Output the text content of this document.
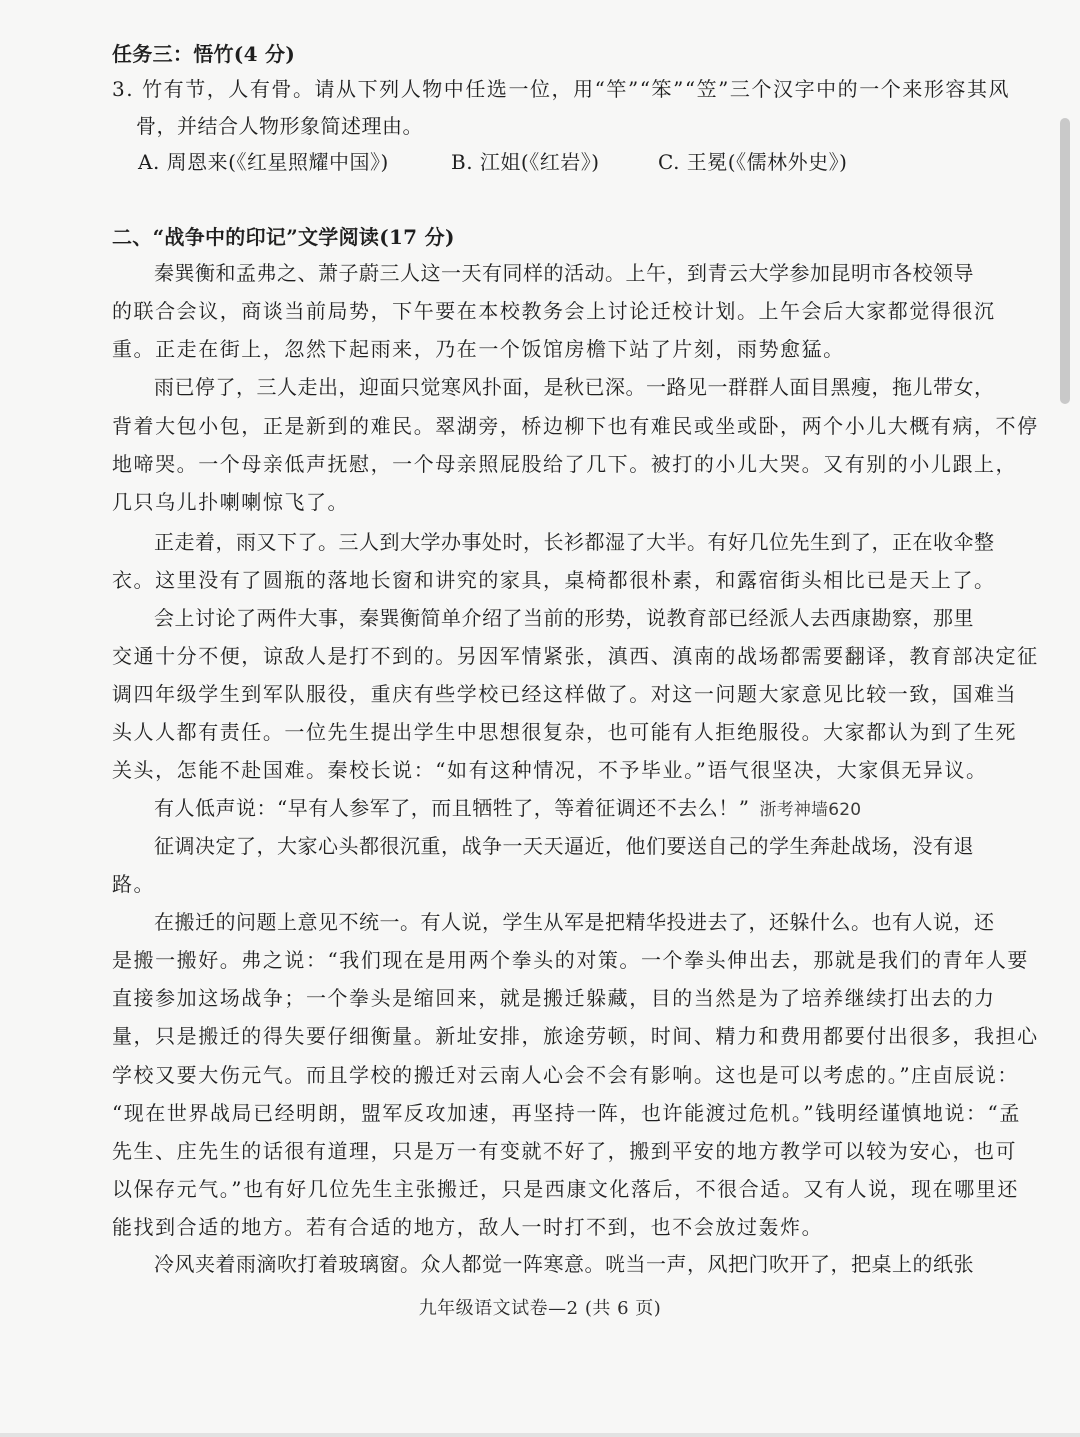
任务三：悟竹(4 分)
3. 竹有节，人有骨。请从下列人物中任选一位，用“竿”“笨”“笠”三个汉字中的一个来形容其风
骨，并结合人物形象简述理由。
A. 周恩来(《红星照耀中国》)	B. 江姐(《红岩》)	C. 王冕(《儒林外史》)
二、“战争中的印记”文学阅读(17 分)
秦巽衡和孟弗之、萧子蔚三人这一天有同样的活动。上午，到青云大学参加昆明市各校领导
的联合会议，商谈当前局势，下午要在本校教务会上讨论迁校计划。上午会后大家都觉得很沉
重。正走在街上，忽然下起雨来，乃在一个饭馆房檐下站了片刻，雨势愈猛。
雨已停了，三人走出，迎面只觉寒风扑面，是秋已深。一路见一群群人面目黑瘦，拖儿带女，
背着大包小包，正是新到的难民。翠湖旁，桥边柳下也有难民或坐或卧，两个小儿大概有病，不停
地啼哭。一个母亲低声抚慰，一个母亲照屁股给了几下。被打的小儿大哭。又有别的小儿跟上，
几只乌儿扑喇喇惊飞了。
正走着，雨又下了。三人到大学办事处时，长衫都湿了大半。有好几位先生到了，正在收伞整
衣。这里没有了圆瓶的落地长窗和讲究的家具，桌椅都很朴素，和露宿街头相比已是天上了。
会上讨论了两件大事，秦巽衡简单介绍了当前的形势，说教育部已经派人去西康勘察，那里
交通十分不便，谅敌人是打不到的。另因军情紧张，滇西、滇南的战场都需要翻译，教育部决定征
调四年级学生到军队服役，重庆有些学校已经这样做了。对这一问题大家意见比较一致，国难当
头人人都有责任。一位先生提出学生中思想很复杂，也可能有人拒绝服役。大家都认为到了生死
关头，怎能不赴国难。秦校长说：“如有这种情况，不予毕业。”语气很坚决，大家俱无异议。
有人低声说：“早有人参军了，而且牺牲了，等着征调还不去么！” 浙考神墙620
征调决定了，大家心头都很沉重，战争一天天逼近，他们要送自己的学生奔赴战场，没有退
路。
在搬迁的问题上意见不统一。有人说，学生从军是把精华投进去了，还躲什么。也有人说，还
是搬一搬好。弗之说：“我们现在是用两个拳头的对策。一个拳头伸出去，那就是我们的青年人要
直接参加这场战争；一个拳头是缩回来，就是搬迁躲藏，目的当然是为了培养继续打出去的力
量，只是搬迁的得失要仔细衡量。新址安排，旅途劳顿，时间、精力和费用都要付出很多，我担心
学校又要大伤元气。而且学校的搬迁对云南人心会不会有影响。这也是可以考虑的。”庄卣辰说：
“现在世界战局已经明朗，盟军反攻加速，再坚持一阵，也许能渡过危机。”钱明经谨慎地说：“孟
先生、庄先生的话很有道理，只是万一有变就不好了，搬到平安的地方教学可以较为安心，也可
以保存元气。”也有好几位先生主张搬迁，只是西康文化落后，不很合适。又有人说，现在哪里还
能找到合适的地方。若有合适的地方，敌人一时打不到，也不会放过轰炸。
冷风夹着雨滴吹打着玻璃窗。众人都觉一阵寒意。咣当一声，风把门吹开了，把桌上的纸张
九年级语文试卷—2 (共 6 页)
